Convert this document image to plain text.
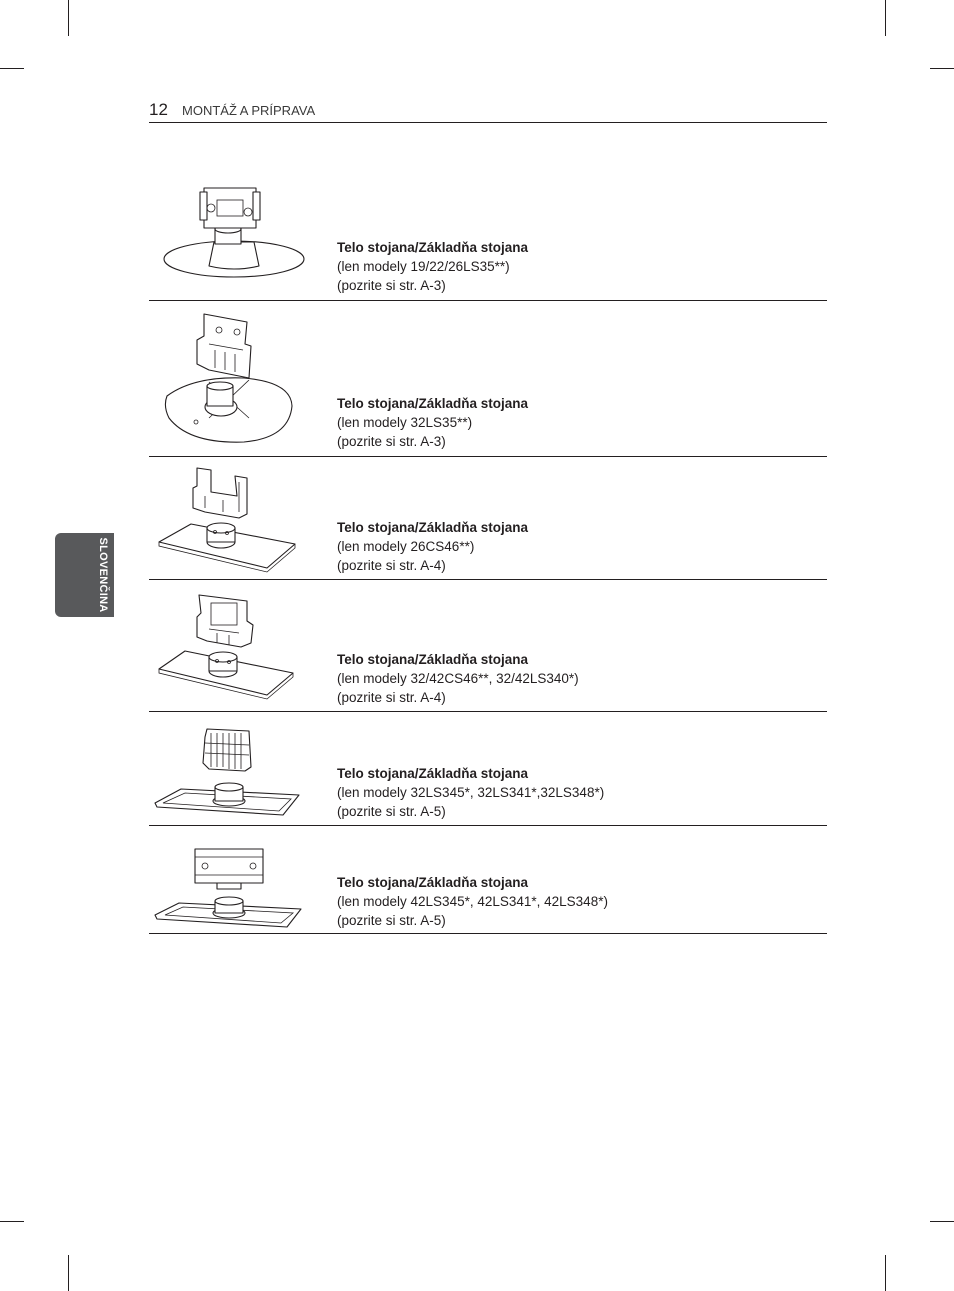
12 MONTÁŽ A PRÍPRAVA
SLOVENČINA
Telo stojana/Základňa stojana
(len modely 19/22/26LS35**)
(pozrite si str. A-3)
Telo stojana/Základňa stojana
(len modely 32LS35**)
(pozrite si str. A-3)
Telo stojana/Základňa stojana
(len modely 26CS46**)
(pozrite si str. A-4)
Telo stojana/Základňa stojana
(len modely 32/42CS46**, 32/42LS340*)
(pozrite si str. A-4)
Telo stojana/Základňa stojana
(len modely 32LS345*, 32LS341*,32LS348*)
(pozrite si str. A-5)
Telo stojana/Základňa stojana
(len modely 42LS345*, 42LS341*, 42LS348*)
(pozrite si str. A-5)
